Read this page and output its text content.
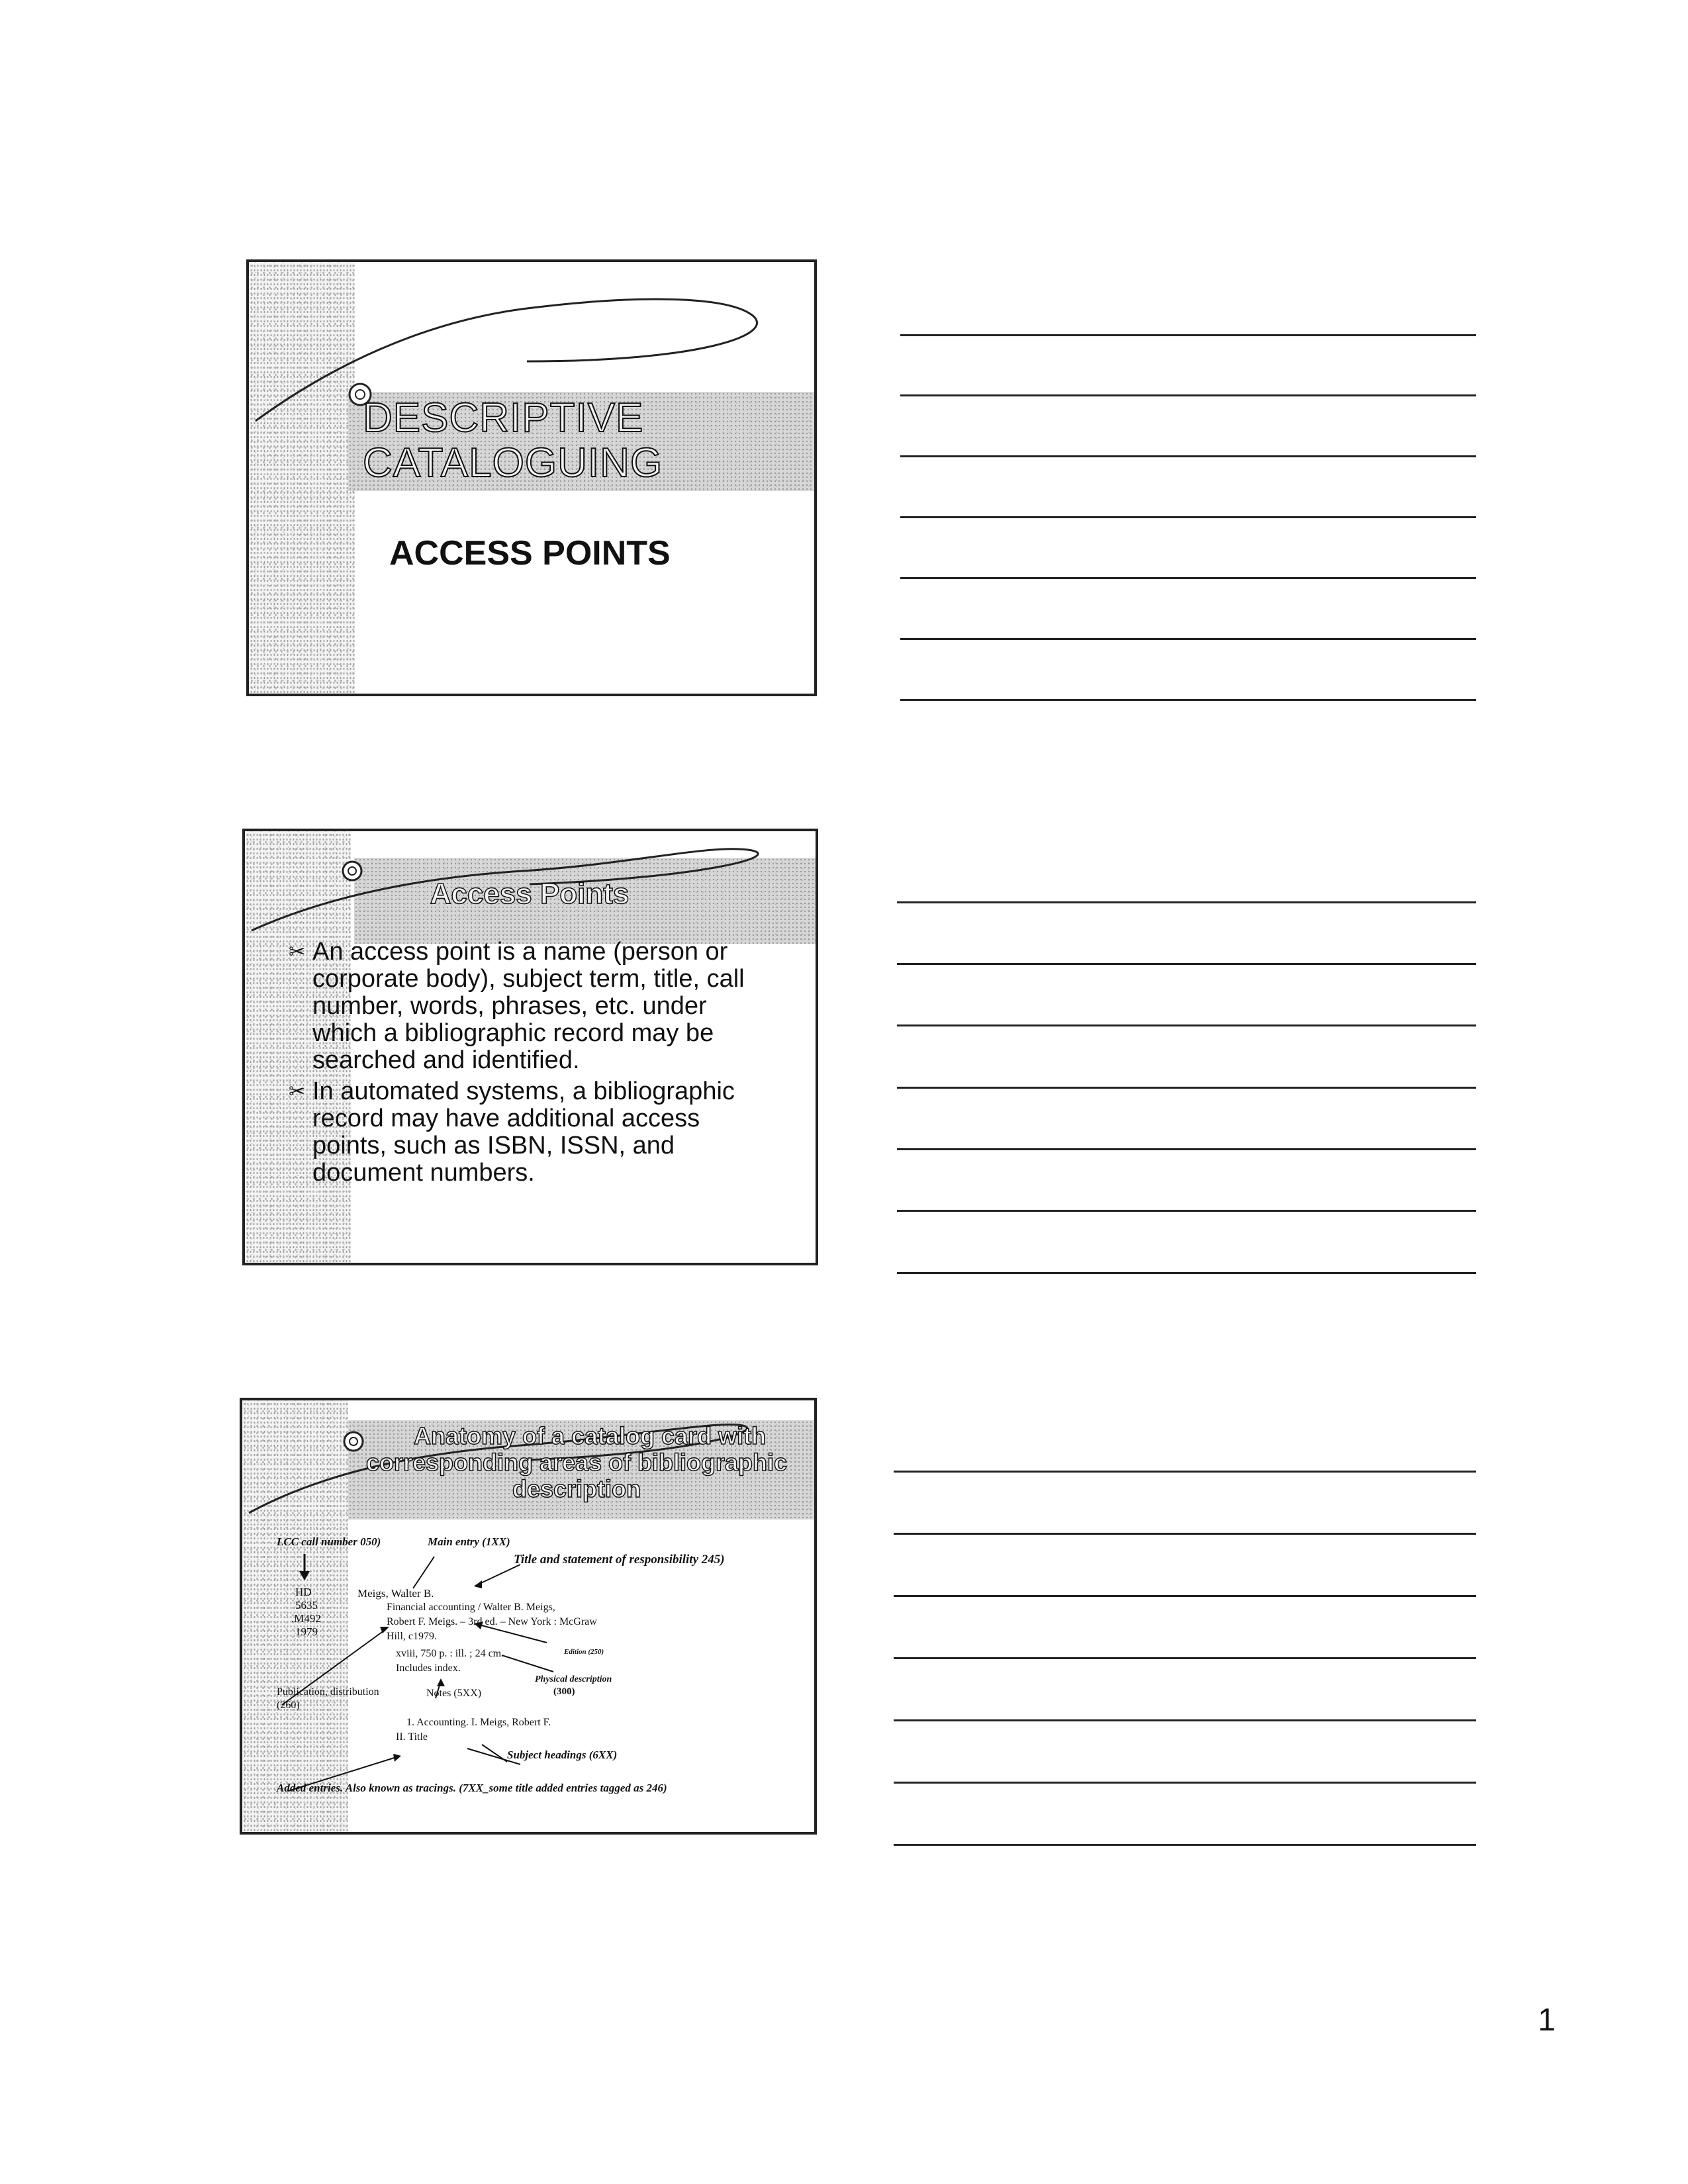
DESCRIPTIVE
CATALOGUING
ACCESS POINTS
Access Points
✂ An access point is a name (person or corporate body), subject term, title, call number, words, phrases, etc. under which a bibliographic record may be searched and identified.
✂ In automated systems, a bibliographic record may have additional access points, such as ISBN, ISSN, and document numbers.
Anatomy of a catalog card with
corresponding areas of bibliographic
description
LCC call number 050)	Main entry (1XX)
Title and statement of responsibility 245)
HD
5635
.M492
1979
Meigs, Walter B.
Financial accounting / Walter B. Meigs,
Robert F. Meigs. – 3rd ed. – New York : McGraw
Hill, c1979.
xviii, 750 p. : ill. ; 24 cm.
Includes index.
Edition (250)
Physical description
(300)
Publication, distribution
(260)
Notes (5XX)
1. Accounting. I. Meigs, Robert F.
II. Title
Subject headings (6XX)
Added entries. Also known as tracings. (7XX_some title added entries tagged as 246)
1
